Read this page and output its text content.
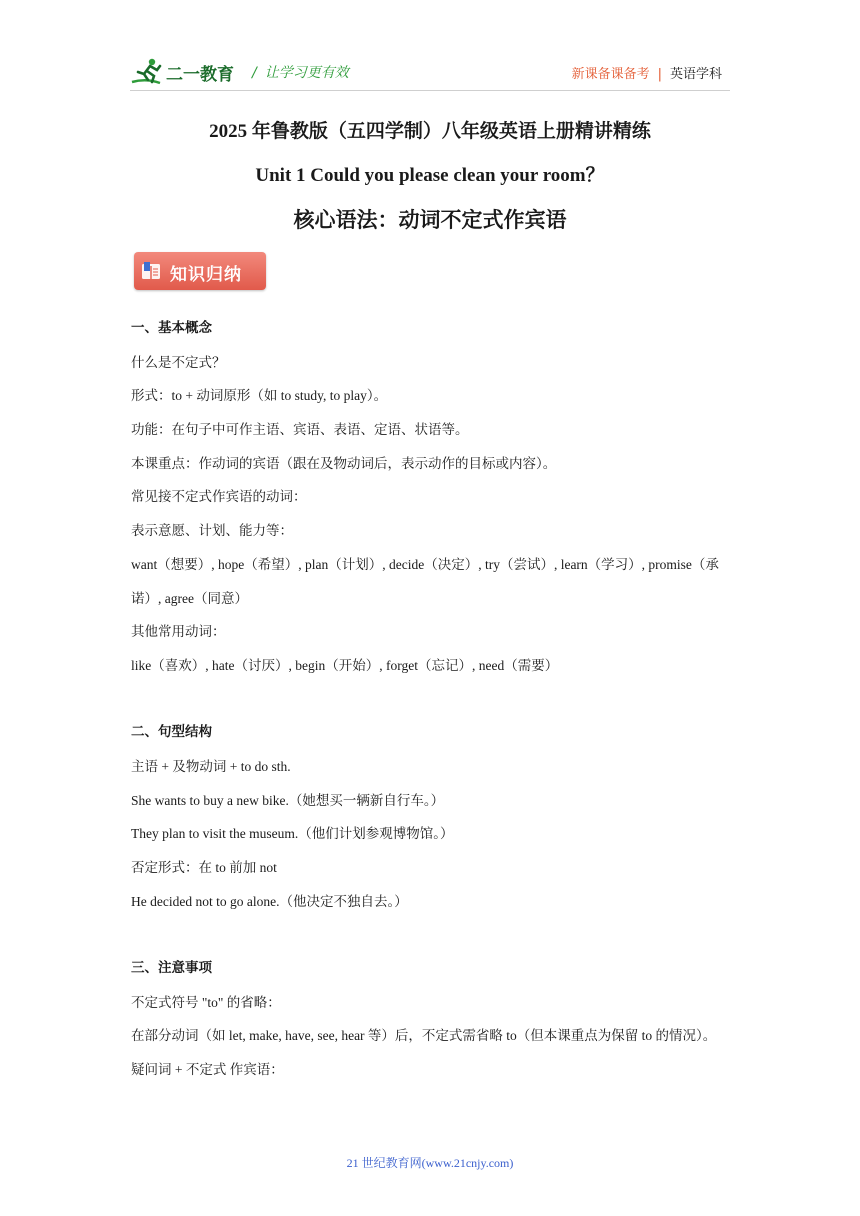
二一教育 / 让学习更有效	新课备课备考 | 英语学科
2025 年鲁教版（五四学制）八年级英语上册精讲精练
Unit 1 Could you please clean your room？
核心语法：动词不定式作宾语
知识归纳
一、基本概念
什么是不定式？
形式：to + 动词原形（如 to study, to play）。
功能：在句子中可作主语、宾语、表语、定语、状语等。
本课重点：作动词的宾语（跟在及物动词后，表示动作的目标或内容）。
常见接不定式作宾语的动词：
表示意愿、计划、能力等：
want（想要）, hope（希望）, plan（计划）, decide（决定）, try（尝试）, learn（学习）, promise（承诺）, agree（同意）
其他常用动词：
like（喜欢）, hate（讨厌）, begin（开始）, forget（忘记）, need（需要）
二、句型结构
主语 + 及物动词 + to do sth.
She wants to buy a new bike.（她想买一辆新自行车。）
They plan to visit the museum.（他们计划参观博物馆。）
否定形式：在 to 前加 not
He decided not to go alone.（他决定不独自去。）
三、注意事项
不定式符号 "to" 的省略：
在部分动词（如 let, make, have, see, hear 等）后，不定式需省略 to（但本课重点为保留 to 的情况）。
疑问词 + 不定式 作宾语：
21 世纪教育网(www.21cnjy.com)
